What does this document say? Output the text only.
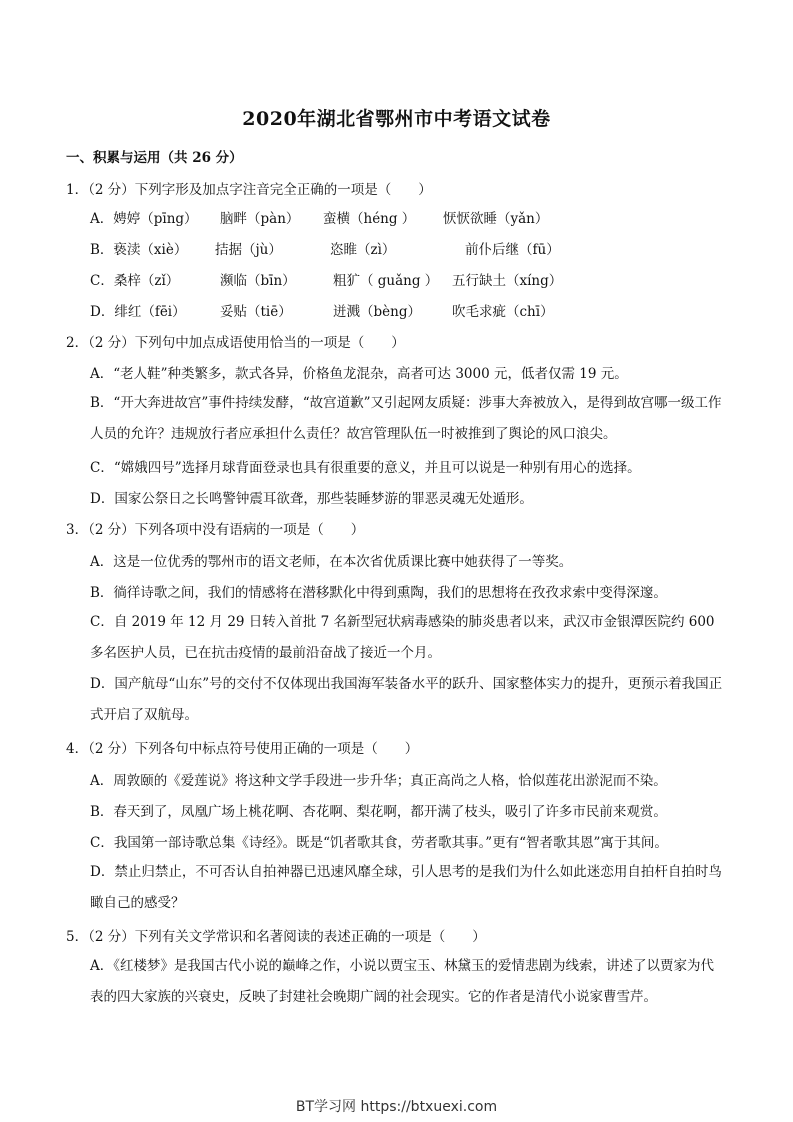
2020年湖北省鄂州市中考语文试卷
一、积累与运用（共 26 分）
1．（2 分）下列字形及加点字注音完全正确的一项是（　　）
A．娉婷（pīng） 脑畔（pàn） 蛮横（héng ） 恹恹欲睡（yǎn）
B．亵渎（xiè） 拮据（jù）	恣睢（zì）	前仆后继（fū）
C．桑梓（zǐ）	濒临（bīn）	粗犷（ guǎng ） 五行缺土（xíng）
D．绯红（fēi）	妥贴（tiē）	迸溅（bèng） 吹毛求疵（chī）
2．（2 分）下列句中加点成语使用恰当的一项是（　　）
A．“老人鞋”种类繁多，款式各异，价格鱼龙混杂，高者可达 3000 元，低者仅需 19 元。
B．“开大奔进故宫”事件持续发酵，“故宫道歉”又引起网友质疑：涉事大奔被放入，是得到故宫哪一级工作人员的允许？违规放行者应承担什么责任？故宫管理队伍一时被推到了舆论的风口浪尖。
C．“嫦娥四号”选择月球背面登录也具有很重要的意义，并且可以说是一种别有用心的选择。
D．国家公祭日之长鸣警钟震耳欲聋，那些装睡梦游的罪恶灵魂无处遁形。
3．（2 分）下列各项中没有语病的一项是（　　）
A．这是一位优秀的鄂州市的语文老师，在本次省优质课比赛中她获得了一等奖。
B．徜徉诗歌之间，我们的情感将在潜移默化中得到熏陶，我们的思想将在孜孜求索中变得深邃。
C．自 2019 年 12 月 29 日转入首批 7 名新型冠状病毒感染的肺炎患者以来，武汉市金银潭医院约 600 多名医护人员，已在抗击疫情的最前沿奋战了接近一个月。
D．国产航母“山东”号的交付不仅体现出我国海军装备水平的跃升、国家整体实力的提升，更预示着我国正式开启了双航母。
4．（2 分）下列各句中标点符号使用正确的一项是（　　）
A．周敦颐的《爱莲说》将这种文学手段进一步升华；真正高尚之人格，恰似莲花出淤泥而不染。
B．春天到了，凤凰广场上桃花啊、杏花啊、梨花啊，都开满了枝头，吸引了许多市民前来观赏。
C．我国第一部诗歌总集《诗经》。既是“饥者歌其食，劳者歌其事。”更有“智者歌其恩”寓于其间。
D．禁止归禁止，不可否认自拍神器已迅速风靡全球，引人思考的是我们为什么如此迷恋用自拍杆自拍时鸟瞰自己的感受？
5．（2 分）下列有关文学常识和名著阅读的表述正确的一项是（　　）
A．《红楼梦》是我国古代小说的巅峰之作，小说以贾宝玉、林黛玉的爱情悲剧为线索，讲述了以贾家为代表的四大家族的兴衰史，反映了封建社会晚期广阔的社会现实。它的作者是清代小说家曹雪芹。
BT学习网 https://btxuexi.com
